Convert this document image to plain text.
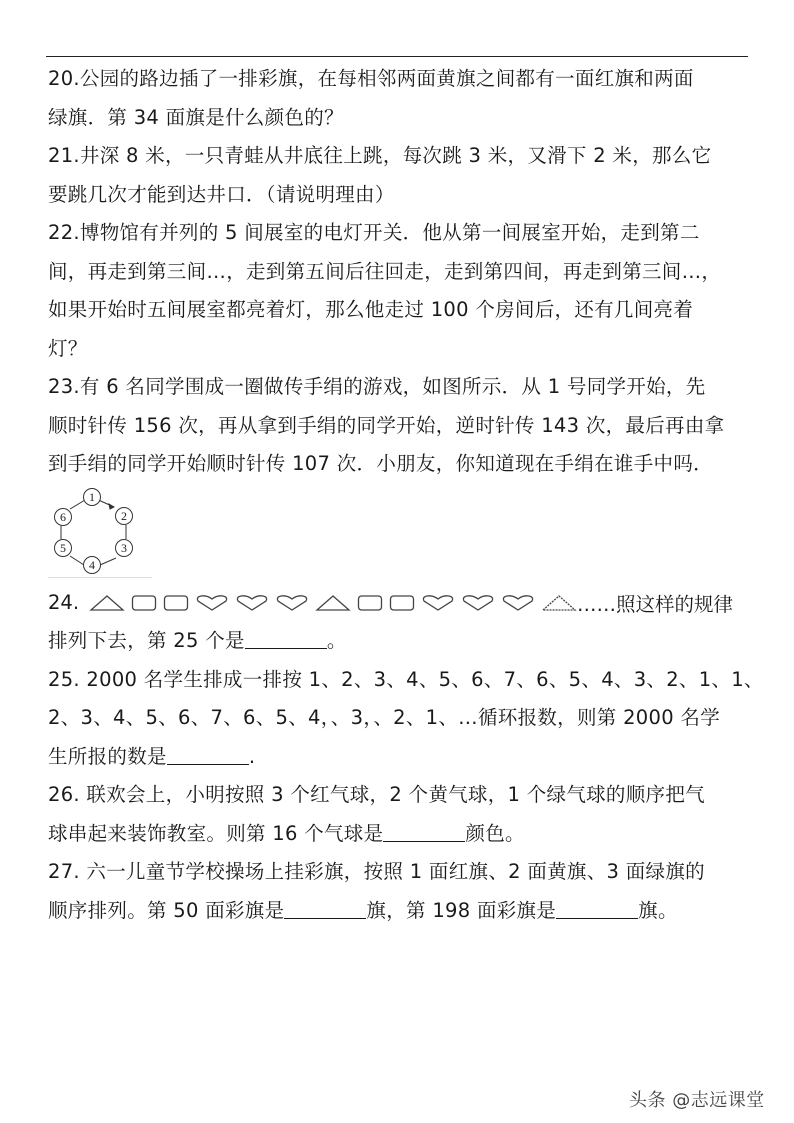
20.公园的路边插了一排彩旗，在每相邻两面黄旗之间都有一面红旗和两面
绿旗．第 34 面旗是什么颜色的？
21.井深 8 米，一只青蛙从井底往上跳，每次跳 3 米，又滑下 2 米，那么它
要跳几次才能到达井口．（请说明理由）
22.博物馆有并列的 5 间展室的电灯开关．他从第一间展室开始，走到第二
间，再走到第三间…，走到第五间后往回走，走到第四间，再走到第三间…，
如果开始时五间展室都亮着灯，那么他走过 100 个房间后，还有几间亮着
灯？
23.有 6 名同学围成一圈做传手绢的游戏，如图所示．从 1 号同学开始，先
顺时针传 156 次，再从拿到手绢的同学开始，逆时针传 143 次，最后再由拿
到手绢的同学开始顺时针传 107 次．小朋友，你知道现在手绢在谁手中吗．
1
2
3
4
5
6
24.	……照这样的规律
排列下去，第 25 个是	。
25. 2000 名学生排成一排按 1、2、3、4、5、6、7、6、5、4、3、2、1、1、
2、3、4、5、6、7、6、5、4，、3，、2、1、…循环报数，则第 2000 名学
生所报的数是	.
26. 联欢会上，小明按照 3 个红气球，2 个黄气球，1 个绿气球的顺序把气
球串起来装饰教室。则第 16 个气球是	颜色。
27. 六一儿童节学校操场上挂彩旗，按照 1 面红旗、2 面黄旗、3 面绿旗的
顺序排列。第 50 面彩旗是	旗，第 198 面彩旗是	旗。
头条 @志远课堂
